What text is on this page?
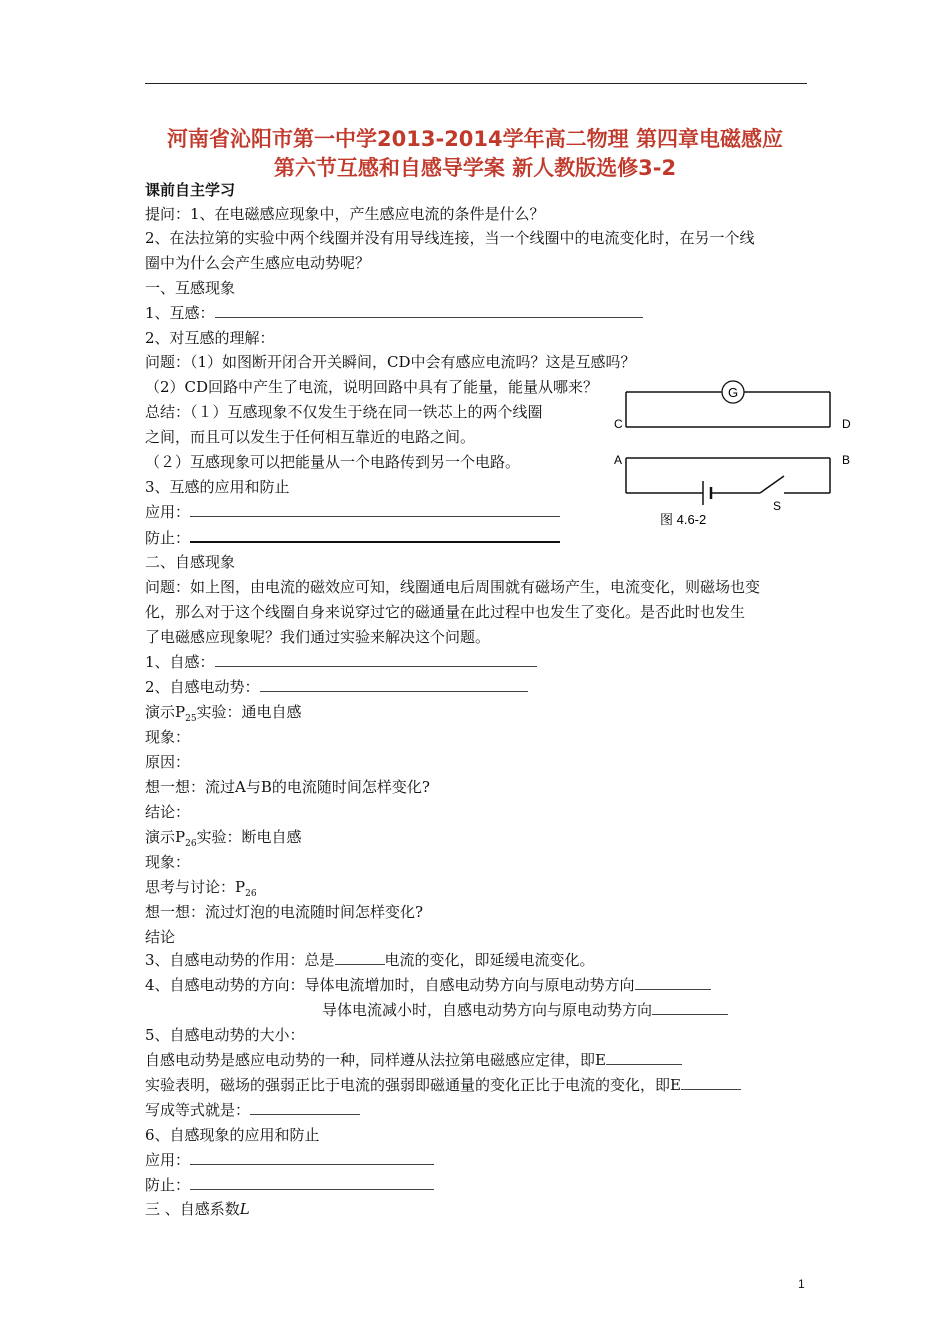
河南省沁阳市第一中学2013-2014学年高二物理 第四章电磁感应
第六节互感和自感导学案 新人教版选修3-2
课前自主学习
提问：1、在电磁感应现象中，产生感应电流的条件是什么？
2、在法拉第的实验中两个线圈并没有用导线连接，当一个线圈中的电流变化时，在另一个线
圈中为什么会产生感应电动势呢？
一、互感现象
1、互感：
2、对互感的理解：
问题：（1）如图断开闭合开关瞬间，CD中会有感应电流吗？这是互感吗？
（2）CD回路中产生了电流，说明回路中具有了能量，能量从哪来？
总结：（１）互感现象不仅发生于绕在同一铁芯上的两个线圈
之间，而且可以发生于任何相互靠近的电路之间。
（２）互感现象可以把能量从一个电路传到另一个电路。
3、互感的应用和防止
应用：
防止：
G
C	D
A	B
S
图 4.6-2
二、自感现象
问题：如上图，由电流的磁效应可知，线圈通电后周围就有磁场产生，电流变化，则磁场也变
化，那么对于这个线圈自身来说穿过它的磁通量在此过程中也发生了变化。是否此时也发生
了电磁感应现象呢？我们通过实验来解决这个问题。
1、自感：
2、自感电动势：
演示$P_{25}$实验：通电自感
现象：
原因：
想一想：流过A与B的电流随时间怎样变化?
结论：
演示$P_{26}$实验：断电自感
现象：
思考与讨论：$P_{26}$
想一想：流过灯泡的电流随时间怎样变化?
结论
3、自感电动势的作用：总是	电流的变化，即延缓电流变化。
4、自感电动势的方向：导体电流增加时，自感电动势方向与原电动势方向
导体电流减小时，自感电动势方向与原电动势方向
5、自感电动势的大小：
自感电动势是感应电动势的一种，同样遵从法拉第电磁感应定律，即E
实验表明，磁场的强弱正比于电流的强弱即磁通量的变化正比于电流的变化，即E
写成等式就是：
6、自感现象的应用和防止
应用：
防止：
三 、自感系数L
1
